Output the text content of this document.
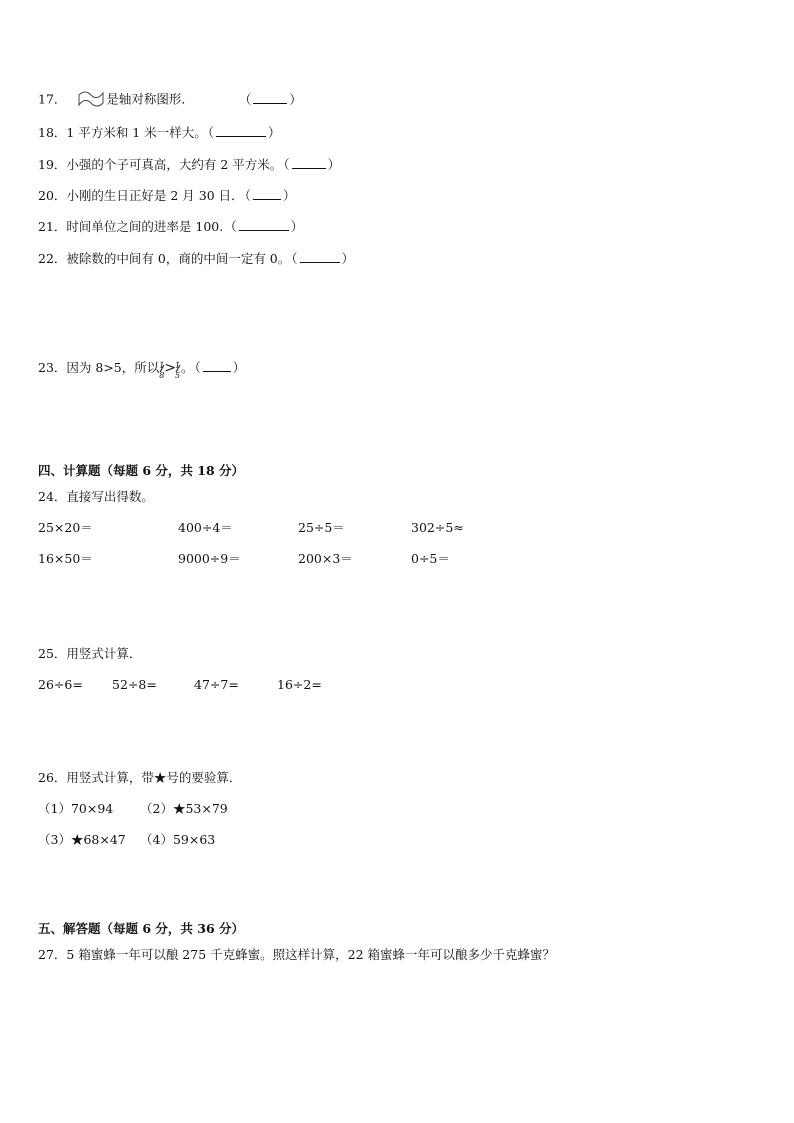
17．	是轴对称图形．	（	）
18．1 平方米和 1 米一样大。（	）
19．小强的个子可真高，大约有 2 平方米。（	）
20．小刚的生日正好是 2 月 30 日．（	）
21．时间单位之间的进率是 100.（	）
22．被除数的中间有 0，商的中间一定有 0。（	）
23．因为 8>5，所以 1
8 > 1
5 。（	）
四、计算题（每题 6 分，共 18 分）
24．直接写出得数。
25×20＝	400÷4＝	25÷5＝	302÷5≈
16×50＝	9000÷9＝	200×3＝	0÷5＝
25．用竖式计算．
26÷6= 52÷8=	47÷7=	16÷2=
26．用竖式计算，带★号的要验算．
（1）70×94 （2）★53×79
（3）★68×47 （4）59×63
五、解答题（每题 6 分，共 36 分）
27．5 箱蜜蜂一年可以酿 275 千克蜂蜜。照这样计算，22 箱蜜蜂一年可以酿多少千克蜂蜜？
